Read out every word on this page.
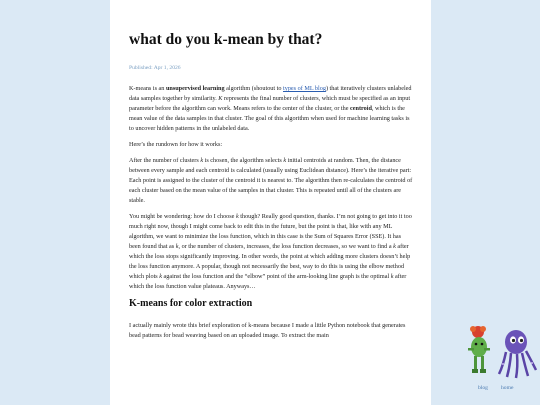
what do you k-mean by that?
Published: Apr 1, 2026

K-means is an unsupervised learning algorithm (shoutout to types of ML blog) that iteratively clusters unlabeled data samples together by similarity. K represents the final number of clusters, which must be specified as an input parameter before the algorithm can work. Means refers to the center of the cluster, or the centroid, which is the mean value of the data samples in that cluster. The goal of this algorithm when used for machine learning tasks is to uncover hidden patterns in the unlabeled data.

Here’s the rundown for how it works:

After the number of clusters k is chosen, the algorithm selects k initial centroids at random. Then, the distance between every sample and each centroid is calculated (usually using Euclidean distance). Here’s the iterative part: Each point is assigned to the cluster of the centroid it is nearest to. The algorithm then re-calculates the centroid of each cluster based on the mean value of the samples in that cluster. This is repeated until all of the clusters are stable.

You might be wondering: how do I choose k though? Really good question, thanks. I’m not going to get into it too much right now, though I might come back to edit this in the future, but the point is that, like with any ML algorithm, we want to minimize the loss function, which in this case is the Sum of Squares Error (SSE). It has been found that as k, or the number of clusters, increases, the loss function decreases, so we want to find a k after which the loss stops significantly improving. In other words, the point at which adding more clusters doesn’t help the loss function anymore. A popular, though not necessarily the best, way to do this is using the elbow method which plots k against the loss function and the “elbow” point of the arm-looking line graph is the optimal k after which the loss function value plateaus. Anyways…

K-means for color extraction

I actually mainly wrote this brief exploration of k-means because I made a little Python notebook that generates bead patterns for bead weaving based on an uploaded image. To extract the main

blog home
